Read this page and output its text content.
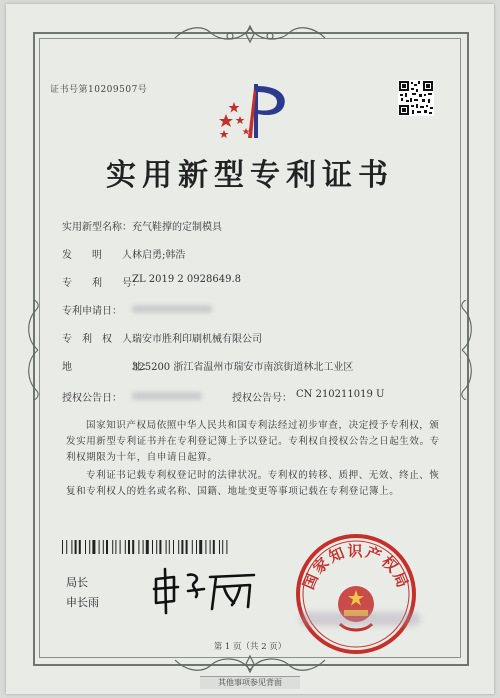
证书号第10209507号
实用新型专利证书
实用新型名称： 充气鞋撑的定制模具
发　　明　　人：
林启勇;韩浩
专　　利　　号：
ZL 2019 2 0928649.8
专利申请日：
专　利　权　人：
瑞安市胜利印刷机械有限公司
地　　　　　　址：
325200 浙江省温州市瑞安市南滨街道林北工业区
授权公告日：	授权公告号： CN 210211019 U
国家知识产权局依照中华人民共和国专利法经过初步审查，决定授予专利权，颁发实用新型专利证书并在专利登记簿上予以登记。专利权自授权公告之日起生效。专利权期限为十年，自申请日起算。
专利证书记载专利权登记时的法律状况。专利权的转移、质押、无效、终止、恢复和专利权人的姓名或名称、国籍、地址变更等事项记载在专利登记簿上。
局长
申长雨
国家知识产权局
第 1 页（共 2 页）
其他事项参见背面
